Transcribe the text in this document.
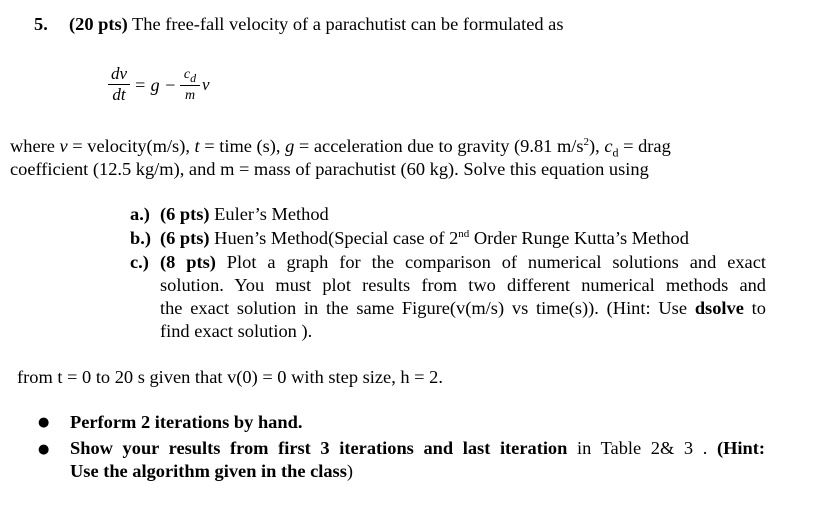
5. (20 pts) The free-fall velocity of a parachutist can be formulated as
dv
dt = g −
$c_d$
m
v
where v = velocity(m/s), t = time (s), g = acceleration due to gravity (9.81 $m/s^2$), $c_d$ = drag
coefficient (12.5 kg/m), and m = mass of parachutist (60 kg). Solve this equation using
a.) (6 pts) Euler’s Method
b.) (6 pts) Huen’s Method(Special case of 2nd Order Runge Kutta’s Method
c.) (8 pts) Plot a graph for the comparison of numerical solutions and exact
solution. You must plot results from two different numerical methods and
the exact solution in the same Figure(v(m/s) vs time(s)). (Hint: Use dsolve to
find exact solution ).
from t = 0 to 20 s given that v(0) = 0 with step size, h = 2.
● Perform 2 iterations by hand.
● Show your results from first 3 iterations and last iteration in Table 2& 3 . (Hint:
Use the algorithm given in the class)
